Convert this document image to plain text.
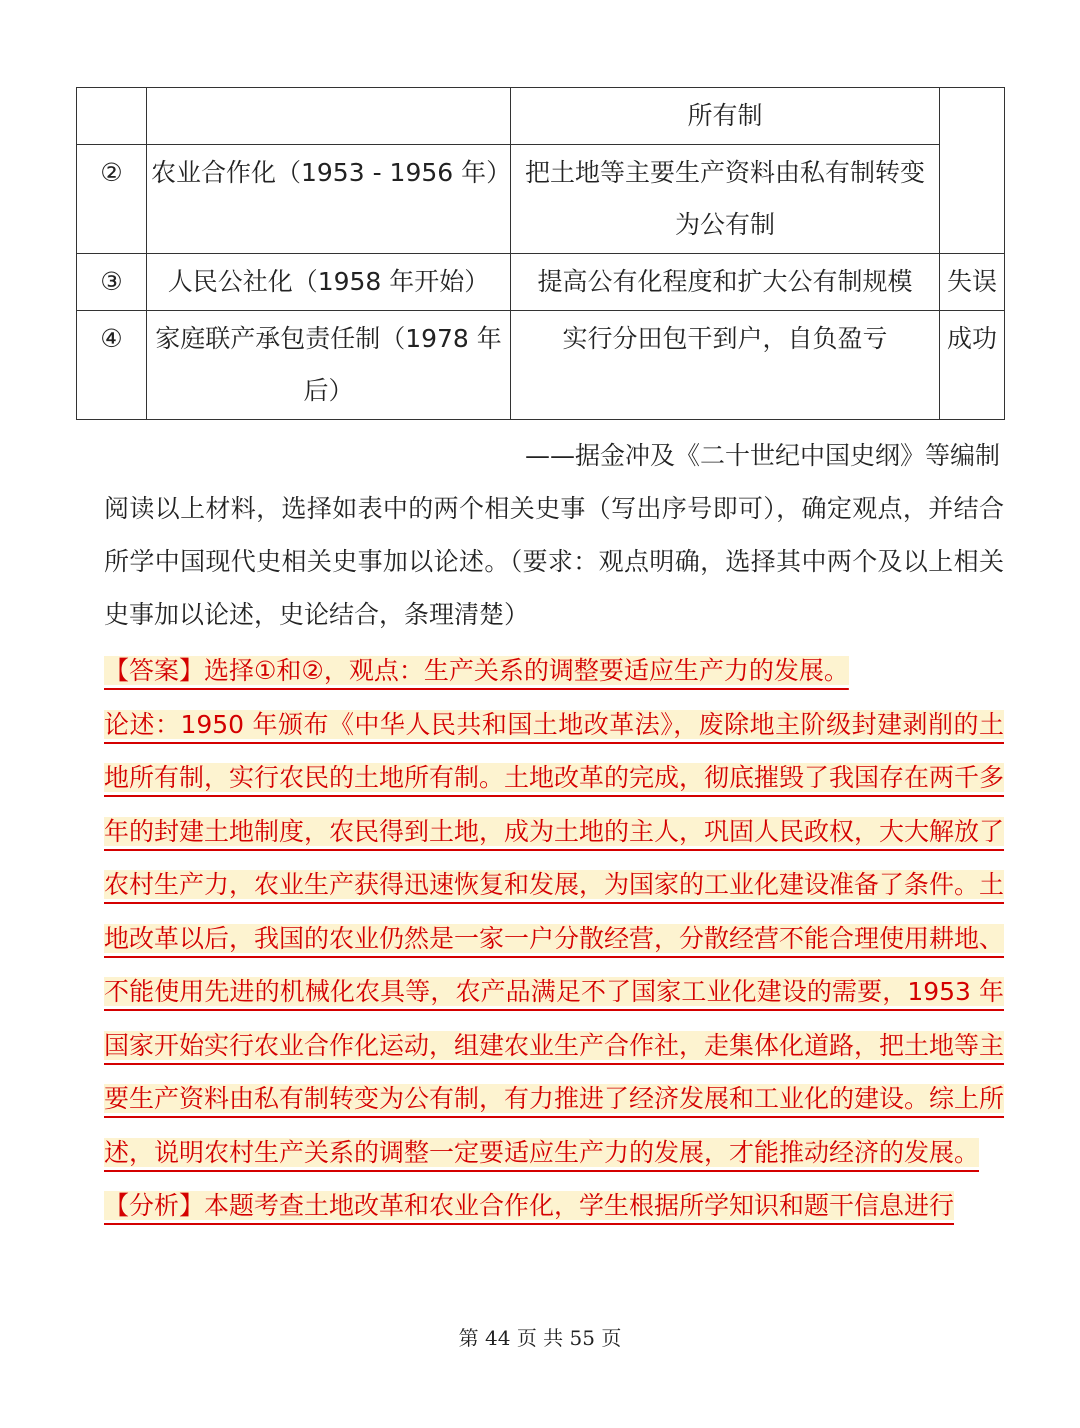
		所有制	
②	农业合作化（1953 - 1956 年）	把土地等主要生产资料由私有制转变为公有制	
③	人民公社化（1958 年开始）	提高公有化程度和扩大公有制规模	失误
④	家庭联产承包责任制（1978 年后）	实行分田包干到户，自负盈亏	成功
——据金冲及《二十世纪中国史纲》等编制
阅读以上材料，选择如表中的两个相关史事（写出序号即可），确定观点，并结合所学中国现代史相关史事加以论述。（要求：观点明确，选择其中两个及以上相关史事加以论述，史论结合，条理清楚）

【答案】选择①和②，观点：生产关系的调整要适应生产力的发展。

论述：1950 年颁布《中华人民共和国土地改革法》，废除地主阶级封建剥削的土地所有制，实行农民的土地所有制。土地改革的完成，彻底摧毁了我国存在两千多年的封建土地制度，农民得到土地，成为土地的主人，巩固人民政权，大大解放了农村生产力，农业生产获得迅速恢复和发展，为国家的工业化建设准备了条件。土地改革以后，我国的农业仍然是一家一户分散经营，分散经营不能合理使用耕地、不能使用先进的机械化农具等，农产品满足不了国家工业化建设的需要，1953 年国家开始实行农业合作化运动，组建农业生产合作社，走集体化道路，把土地等主要生产资料由私有制转变为公有制，有力推进了经济发展和工业化的建设。综上所述，说明农村生产关系的调整一定要适应生产力的发展，才能推动经济的发展。

【分析】本题考查土地改革和农业合作化，学生根据所学知识和题干信息进行

第 44 页 共 55 页
